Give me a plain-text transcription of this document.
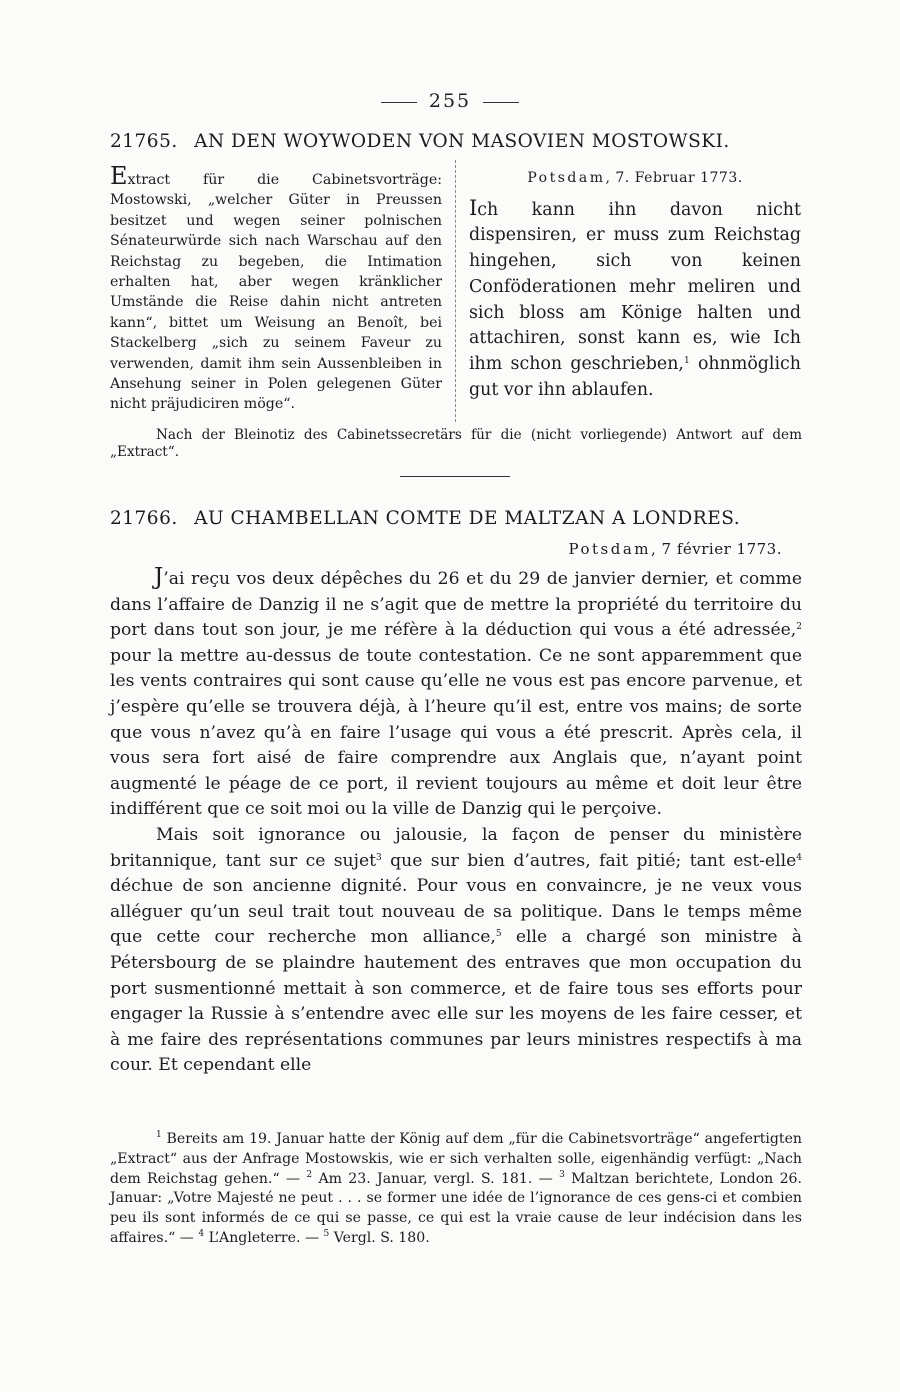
255
21765. AN DEN WOYWODEN VON MASOVIEN MOSTOWSKI.
Extract für die Cabinetsvorträge: Mostowski, „welcher Güter in Preussen besitzet und wegen seiner polnischen Sénateurwürde sich nach Warschau auf den Reichstag zu begeben, die Intimation erhalten hat, aber wegen kränklicher Umstände die Reise dahin nicht antreten kann“, bittet um Weisung an Benoît, bei Stackelberg „sich zu seinem Faveur zu verwenden, damit ihm sein Aussenbleiben in Ansehung seiner in Polen gelegenen Güter nicht präjudiciren möge“.
Potsdam, 7. Februar 1773.
Ich kann ihn davon nicht dispensiren, er muss zum Reichstag hingehen, sich von keinen Conföderationen mehr meliren und sich bloss am Könige halten und attachiren, sonst kann es, wie Ich ihm schon geschrieben,$^1$ ohnmöglich gut vor ihn ablaufen.
Nach der Bleinotiz des Cabinetssecretärs für die (nicht vorliegende) Antwort auf dem „Extract“.
21766. AU CHAMBELLAN COMTE DE MALTZAN A LONDRES.
Potsdam, 7 février 1773.

J’ai reçu vos deux dépêches du 26 et du 29 de janvier dernier, et comme dans l’affaire de Danzig il ne s’agit que de mettre la propriété du territoire du port dans tout son jour, je me réfère à la déduction qui vous a été adressée,$^2$ pour la mettre au-dessus de toute contestation. Ce ne sont apparemment que les vents contraires qui sont cause qu’elle ne vous est pas encore parvenue, et j’espère qu’elle se trouvera déjà, à l’heure qu’il est, entre vos mains; de sorte que vous n’avez qu’à en faire l’usage qui vous a été prescrit. Après cela, il vous sera fort aisé de faire comprendre aux Anglais que, n’ayant point augmenté le péage de ce port, il revient toujours au même et doit leur être indifférent que ce soit moi ou la ville de Danzig qui le perçoive.

Mais soit ignorance ou jalousie, la façon de penser du ministère britannique, tant sur ce sujet$^3$ que sur bien d’autres, fait pitié; tant est-elle$^4$ déchue de son ancienne dignité. Pour vous en convaincre, je ne veux vous alléguer qu’un seul trait tout nouveau de sa politique. Dans le temps même que cette cour recherche mon alliance,$^5$ elle a chargé son ministre à Pétersbourg de se plaindre hautement des entraves que mon occupation du port susmentionné mettait à son commerce, et de faire tous ses efforts pour engager la Russie à s’entendre avec elle sur les moyens de les faire cesser, et à me faire des représentations communes par leurs ministres respectifs à ma cour. Et cependant elle

$^1$ Bereits am 19. Januar hatte der König auf dem „für die Cabinetsvorträge“ angefertigten „Extract“ aus der Anfrage Mostowskis, wie er sich verhalten solle, eigenhändig verfügt: „Nach dem Reichstag gehen.“ — $^2$ Am 23. Januar, vergl. S. 181. — $^3$ Maltzan berichtete, London 26. Januar: „Votre Majesté ne peut . . . se former une idée de l’ignorance de ces gens-ci et combien peu ils sont informés de ce qui se passe, ce qui est la vraie cause de leur indécision dans les affaires.“ — $^4$ L’Angleterre. — $^5$ Vergl. S. 180.
